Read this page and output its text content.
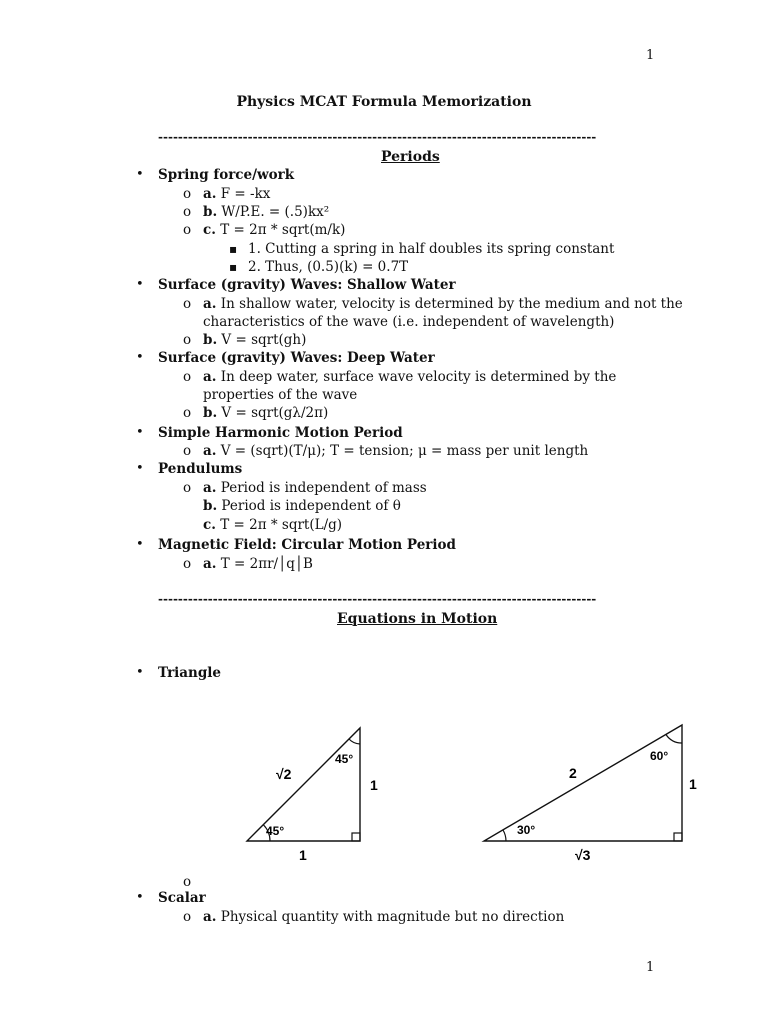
1
Physics MCAT Formula Memorization
----------------------------------------------------------------------------------------
Periods
• Spring force/work
o a. F = -kx
o b. W/P.E. = (.5)kx²
o c. T = 2π * sqrt(m/k)
▪ 1. Cutting a spring in half doubles its spring constant
▪ 2. Thus, (0.5)(k) = 0.7T
• Surface (gravity) Waves: Shallow Water
o a. In shallow water, velocity is determined by the medium and not the
characteristics of the wave (i.e. independent of wavelength)
o b. V = sqrt(gh)
• Surface (gravity) Waves: Deep Water
o a. In deep water, surface wave velocity is determined by the
properties of the wave
o b. V = sqrt(gλ/2π)
• Simple Harmonic Motion Period
o a. V = (sqrt)(T/μ); T = tension; μ = mass per unit length
• Pendulums
o a. Period is independent of mass
b. Period is independent of θ
c. T = 2π * sqrt(L/g)
• Magnetic Field: Circular Motion Period
o a. T = 2πr/│q│B
----------------------------------------------------------------------------------------
Equations in Motion
• Triangle
√2
45°
1
45°
1
2
60°
1
30°
√3
o
• Scalar
o a. Physical quantity with magnitude but no direction
1
